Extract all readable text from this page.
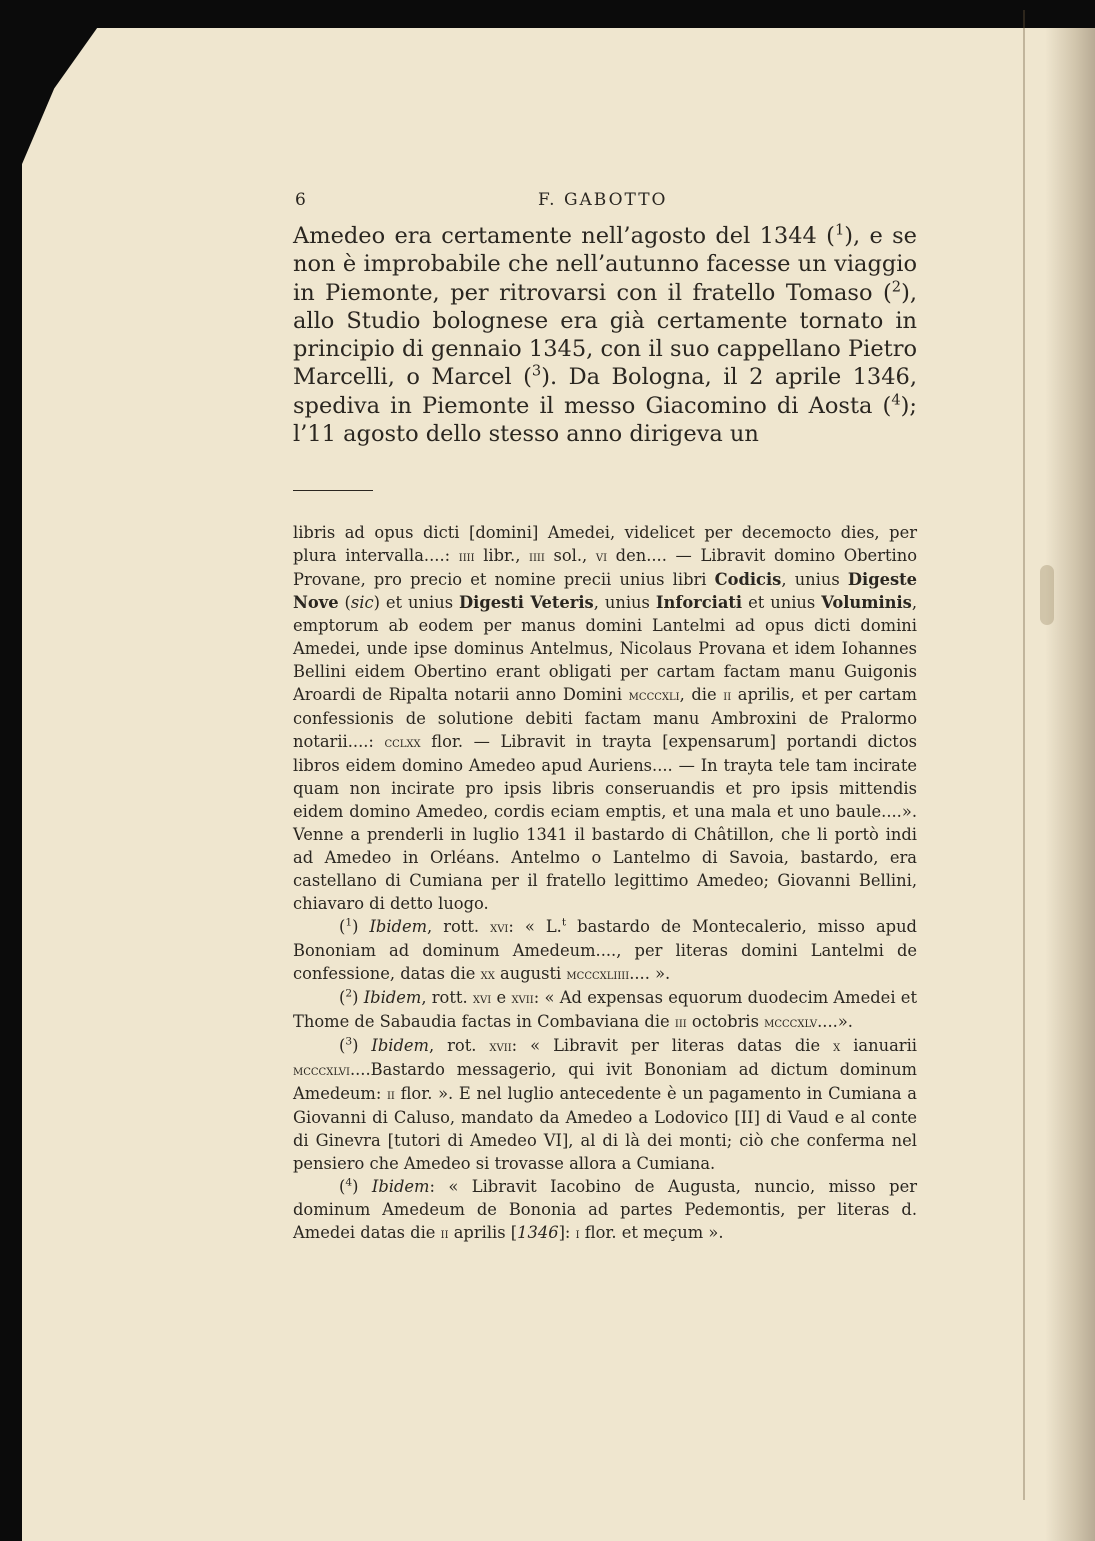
6	F. GABOTTO

Amedeo era certamente nell’agosto del 1344 ($^1$), e se non è improbabile che nell’autunno facesse un viaggio in Piemonte, per ritrovarsi con il fratello Tomaso ($^2$), allo Studio bolognese era già certamente tornato in principio di gennaio 1345, con il suo cappellano Pietro Marcelli, o Marcel ($^3$). Da Bologna, il 2 aprile 1346, spediva in Piemonte il messo Giacomino di Aosta ($^4$); l’11 agosto dello stesso anno dirigeva un

libris ad opus dicti [domini] Amedei, videlicet per decemocto dies, per plura intervalla....: iiii libr., iiii sol., vi den.... — Libravit domino Obertino Provane, pro precio et nomine precii unius libri Codicis, unius Digeste Nove (sic) et unius Digesti Veteris, unius Inforciati et unius Voluminis, emptorum ab eodem per manus domini Lantelmi ad opus dicti domini Amedei, unde ipse dominus Antelmus, Nicolaus Provana et idem Iohannes Bellini eidem Obertino erant obligati per cartam factam manu Guigonis Aroardi de Ripalta notarii anno Domini mcccxli, die ii aprilis, et per cartam confessionis de solutione debiti factam manu Ambroxini de Pralormo notarii....: cclxx flor. — Libravit in trayta [expensarum] portandi dictos libros eidem domino Amedeo apud Auriens.... — In trayta tele tam incirate quam non incirate pro ipsis libris conseruandis et pro ipsis mittendis eidem domino Amedeo, cordis eciam emptis, et una mala et uno baule....». Venne a prenderli in luglio 1341 il bastardo di Châtillon, che li portò indi ad Amedeo in Orléans. Antelmo o Lantelmo di Savoia, bastardo, era castellano di Cumiana per il fratello legittimo Amedeo; Giovanni Bellini, chiavaro di detto luogo.

($^1$) Ibidem, rott. xvi: « L.$^t$ bastardo de Montecalerio, misso apud Bononiam ad dominum Amedeum...., per literas domini Lantelmi de confessione, datas die xx augusti mcccxliiii.... ».

($^2$) Ibidem, rott. xvi e xvii: « Ad expensas equorum duodecim Amedei et Thome de Sabaudia factas in Combaviana die iii octobris mcccxlv....».

($^3$) Ibidem, rot. xvii: « Libravit per literas datas die x ianuarii mcccxlvi....Bastardo messagerio, qui ivit Bononiam ad dictum dominum Amedeum: ii flor. ». E nel luglio antecedente è un pagamento in Cumiana a Giovanni di Caluso, mandato da Amedeo a Lodovico [II] di Vaud e al conte di Ginevra [tutori di Amedeo VI], al di là dei monti; ciò che conferma nel pensiero che Amedeo si trovasse allora a Cumiana.

($^4$) Ibidem: « Libravit Iacobino de Augusta, nuncio, misso per dominum Amedeum de Bononia ad partes Pedemontis, per literas d. Amedei datas die ii aprilis [1346]: i flor. et meçum ».
